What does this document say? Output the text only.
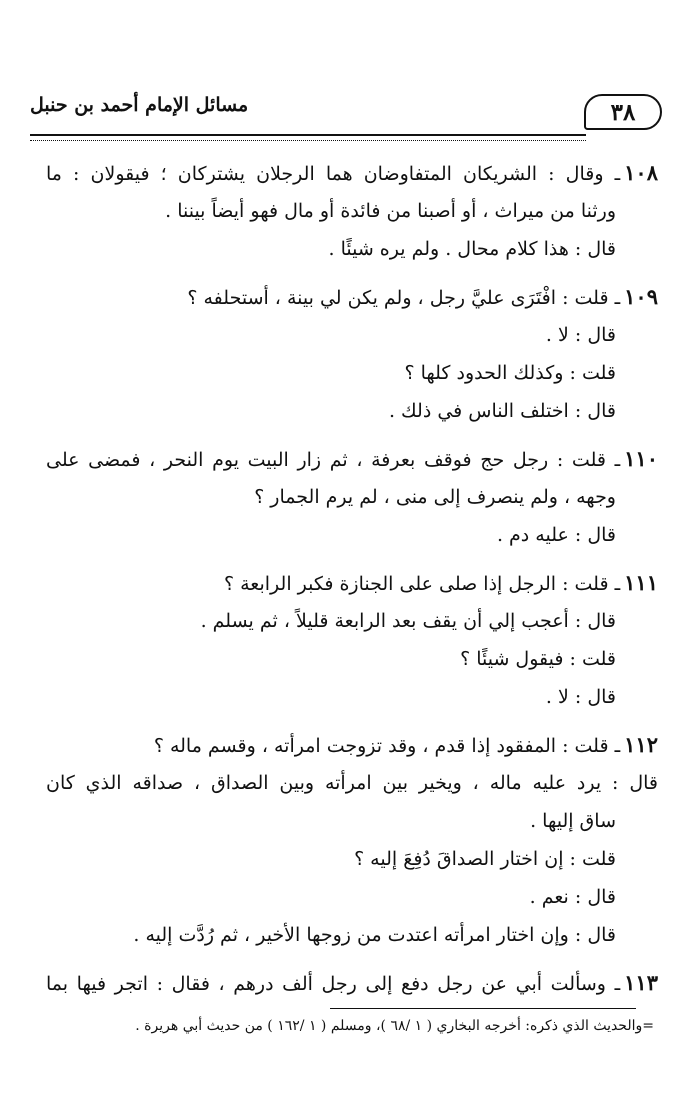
٣٨
مسائل الإمام أحمد بن حنبل
١٠٨ـ وقال : الشريكان المتفاوضان هما الرجلان يشتركان ؛ فيقولان : ما
ورثنا من ميراث ، أو أصبنا من فائدة أو مال فهو أيضاً بيننا .
قال : هذا كلام محال . ولم يره شيئًا .
١٠٩ـ قلت : افْتَرَى عليَّ رجل ، ولم يكن لي بينة ، أستحلفه ؟
قال : لا .
قلت : وكذلك الحدود كلها ؟
قال : اختلف الناس في ذلك .
١١٠ـ قلت : رجل حج فوقف بعرفة ، ثم زار البيت يوم النحر ، فمضى على
وجهه ، ولم ينصرف إلى منى ، لم يرم الجمار ؟
قال : عليه دم .
١١١ـ قلت : الرجل إذا صلى على الجنازة فكبر الرابعة ؟
قال : أعجب إلي أن يقف بعد الرابعة قليلاً ، ثم يسلم .
قلت : فيقول شيئًا ؟
قال : لا .
١١٢ـ قلت : المفقود إذا قدم ، وقد تزوجت امرأته ، وقسم ماله ؟
قال : يرد عليه ماله ، ويخير بين امرأته وبين الصداق ، صداقه الذي كان
ساق إليها .
قلت : إن اختار الصداقَ دُفِعَ إليه ؟
قال : نعم .
قال : وإن اختار امرأته اعتدت من زوجها الأخير ، ثم رُدَّت إليه .
١١٣ـ وسألت أبي عن رجل دفع إلى رجل ألف درهم ، فقال : اتجر فيها بما
=والحديث الذي ذكره: أخرجه البخاري ( ١ /٦٨ )، ومسلم ( ١ /١٦٢ ) من حديث أبي هريرة .
